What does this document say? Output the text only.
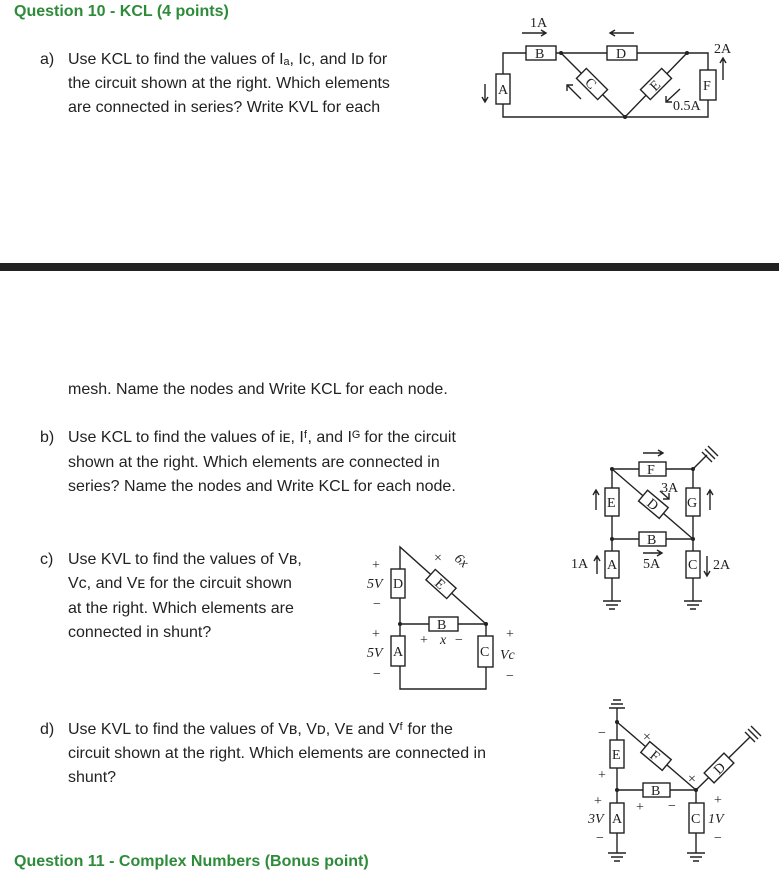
Question 10 - KCL (4 points)
a) Use KCL to find the values of Iₐ, Iᴄ, and Iᴅ for
the circuit shown at the right. Which elements
are connected in series? Write KVL for each
mesh. Name the nodes and Write KCL for each node.
b) Use KCL to find the values of iᴇ, Iᶠ, and Iᴳ for the circuit
shown at the right. Which elements are connected in
series? Name the nodes and Write KCL for each node.
c) Use KVL to find the values of Vʙ,
Vᴄ, and Vᴇ for the circuit shown
at the right. Which elements are
connected in shunt?
d) Use KVL to find the values of Vʙ, Vᴅ, Vᴇ and Vᶠ for the
circuit shown at the right. Which elements are connected in
shunt?
Question 11 - Complex Numbers (Bonus point)
B	D
A	F
C	E
1A
2A
0.5A
F
E	G
D
B
A	C
3A
5A
1A	2A
D E
B
A	C
+
5V
−
+
5V
−
× 6x
+ x −	+
Vc
−
E F
D
B
A	C
−
+
+
3V
−
+ −	+
1V
−
×
×
